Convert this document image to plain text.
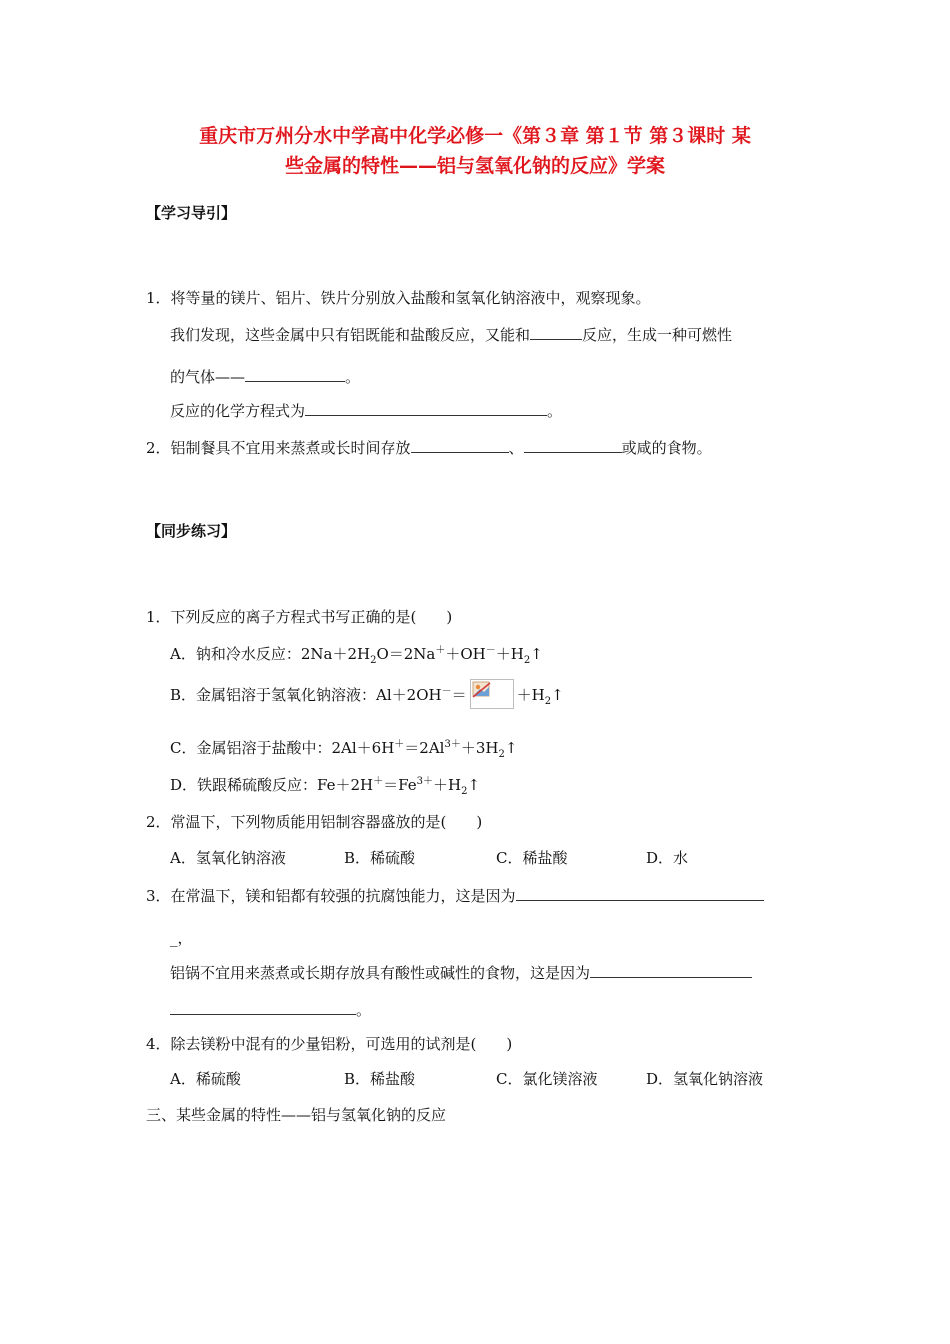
重庆市万州分水中学高中化学必修一《第３章 第１节 第３课时 某
些金属的特性——铝与氢氧化钠的反应》学案
【学习导引】
1．将等量的镁片、铝片、铁片分别放入盐酸和氢氧化钠溶液中，观察现象。
我们发现，这些金属中只有铝既能和盐酸反应，又能和	反应，生成一种可燃性
的气体——	。
反应的化学方程式为	。
2．铝制餐具不宜用来蒸煮或长时间存放	、	或咸的食物。
【同步练习】
1．下列反应的离子方程式书写正确的是(　　)
A．钠和冷水反应：$2Na+2H_2O=2Na^++OH^-+H_2↑$
B．金属铝溶于氢氧化钠溶液：Al＋2OH－＝	$+H_2↑$
C．金属铝溶于盐酸中：$2Al+6H^+=2Al^{3+}+3H_2↑$
D．铁跟稀硫酸反应：$Fe+2H^+=Fe^{3+}+H_2↑$
2．常温下，下列物质能用铝制容器盛放的是(　　)
A．氢氧化钠溶液	B．稀硫酸	C．稀盐酸	D．水
3．在常温下，镁和铝都有较强的抗腐蚀能力，这是因为
_，
铝锅不宜用来蒸煮或长期存放具有酸性或碱性的食物，这是因为
。
4．除去镁粉中混有的少量铝粉，可选用的试剂是(　　)
A．稀硫酸	B．稀盐酸	C．氯化镁溶液	D．氢氧化钠溶液
三、某些金属的特性——铝与氢氧化钠的反应
